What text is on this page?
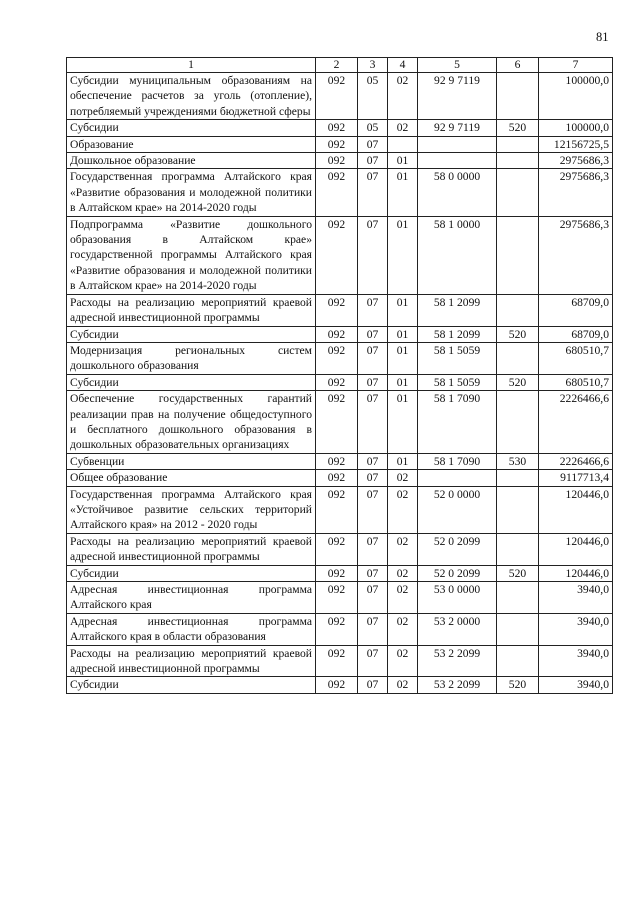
81
1	2	3	4	5	6	7
Субсидии муниципальным образованиям на обеспечение расчетов за уголь (отопление), потребляемый учреждениями бюджетной сферы	092	05	02	92 9 7119		100000,0
Субсидии	092	05	02	92 9 7119	520	100000,0
Образование	092	07				12156725,5
Дошкольное образование	092	07	01			2975686,3
Государственная программа Алтайского края «Развитие образования и молодежной политики в Алтайском крае» на 2014-2020 годы	092	07	01	58 0 0000		2975686,3
Подпрограмма «Развитие дошкольного образования в Алтайском крае» государственной программы Алтайского края «Развитие образования и молодежной политики в Алтайском крае» на 2014-2020 годы	092	07	01	58 1 0000		2975686,3
Расходы на реализацию мероприятий краевой адресной инвестиционной программы	092	07	01	58 1 2099		68709,0
Субсидии	092	07	01	58 1 2099	520	68709,0
Модернизация региональных систем дошкольного образования	092	07	01	58 1 5059		680510,7
Субсидии	092	07	01	58 1 5059	520	680510,7
Обеспечение государственных гарантий реализации прав на получение общедоступного и бесплатного дошкольного образования в дошкольных образовательных организациях	092	07	01	58 1 7090		2226466,6
Субвенции	092	07	01	58 1 7090	530	2226466,6
Общее образование	092	07	02			9117713,4
Государственная программа Алтайского края «Устойчивое развитие сельских территорий Алтайского края» на 2012 - 2020 годы	092	07	02	52 0 0000		120446,0
Расходы на реализацию мероприятий краевой адресной инвестиционной программы	092	07	02	52 0 2099		120446,0
Субсидии	092	07	02	52 0 2099	520	120446,0
Адресная инвестиционная программа Алтайского края	092	07	02	53 0 0000		3940,0
Адресная инвестиционная программа Алтайского края в области образования	092	07	02	53 2 0000		3940,0
Расходы на реализацию мероприятий краевой адресной инвестиционной программы	092	07	02	53 2 2099		3940,0
Субсидии	092	07	02	53 2 2099	520	3940,0
